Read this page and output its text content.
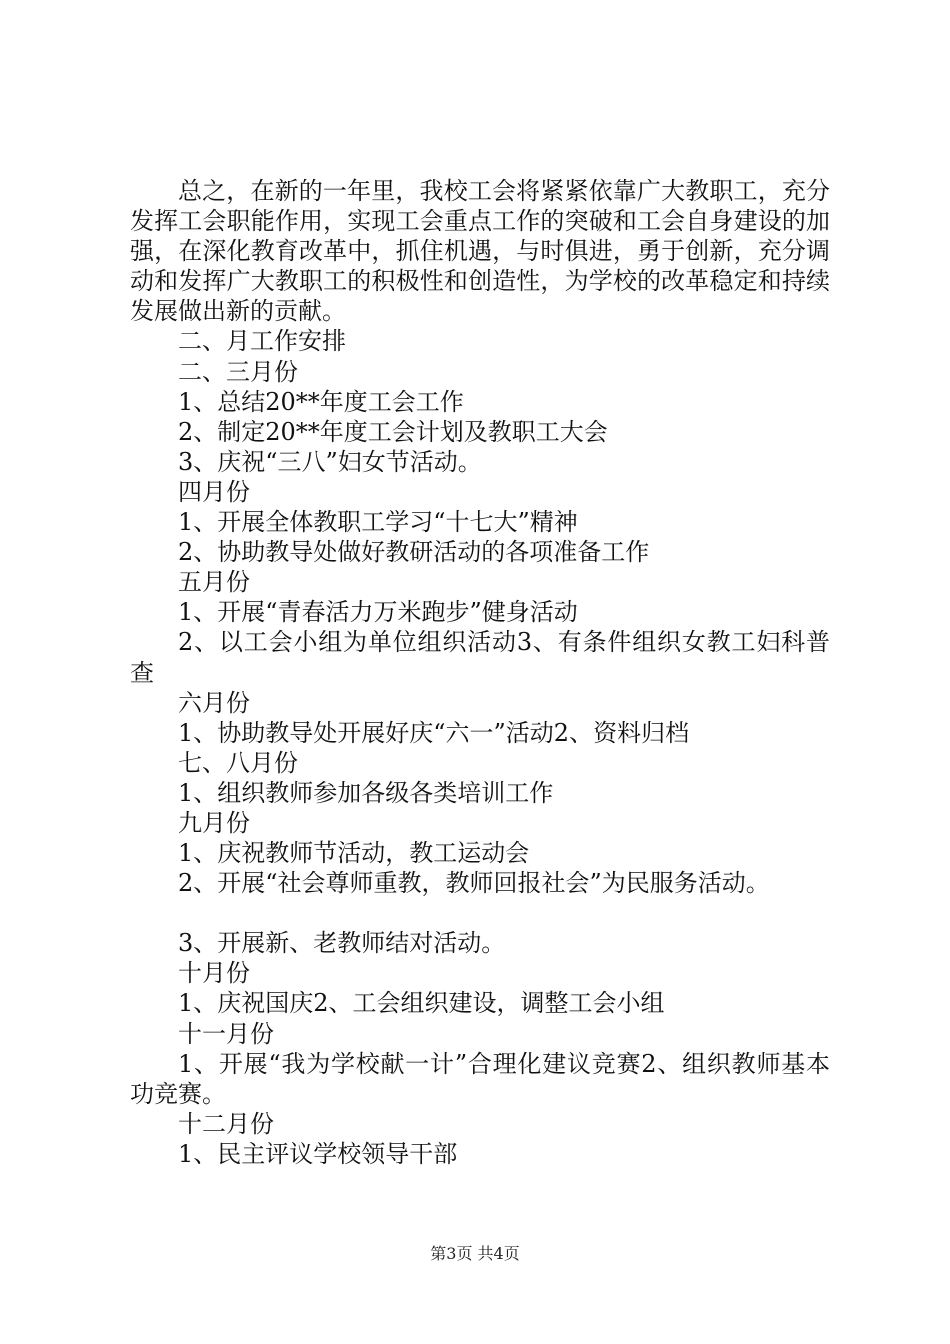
总之，在新的一年里，我校工会将紧紧依靠广大教职工，充分发挥工会职能作用，实现工会重点工作的突破和工会自身建设的加强，在深化教育改革中，抓住机遇，与时俱进，勇于创新，充分调动和发挥广大教职工的积极性和创造性，为学校的改革稳定和持续发展做出新的贡献。

二、月工作安排

二、三月份

1、总结20**年度工会工作

2、制定20**年度工会计划及教职工大会

3、庆祝“三八”妇女节活动。

四月份

1、开展全体教职工学习“十七大”精神

2、协助教导处做好教研活动的各项准备工作

五月份

1、开展“青春活力万米跑步”健身活动

2、以工会小组为单位组织活动3、有条件组织女教工妇科普查

六月份

1、协助教导处开展好庆“六一”活动2、资料归档

七、八月份

1、组织教师参加各级各类培训工作

九月份

1、庆祝教师节活动，教工运动会

2、开展“社会尊师重教，教师回报社会”为民服务活动。

3、开展新、老教师结对活动。

十月份

1、庆祝国庆2、工会组织建设，调整工会小组

十一月份

1、开展“我为学校献一计”合理化建议竞赛2、组织教师基本功竞赛。

十二月份

1、民主评议学校领导干部

第3页 共4页
